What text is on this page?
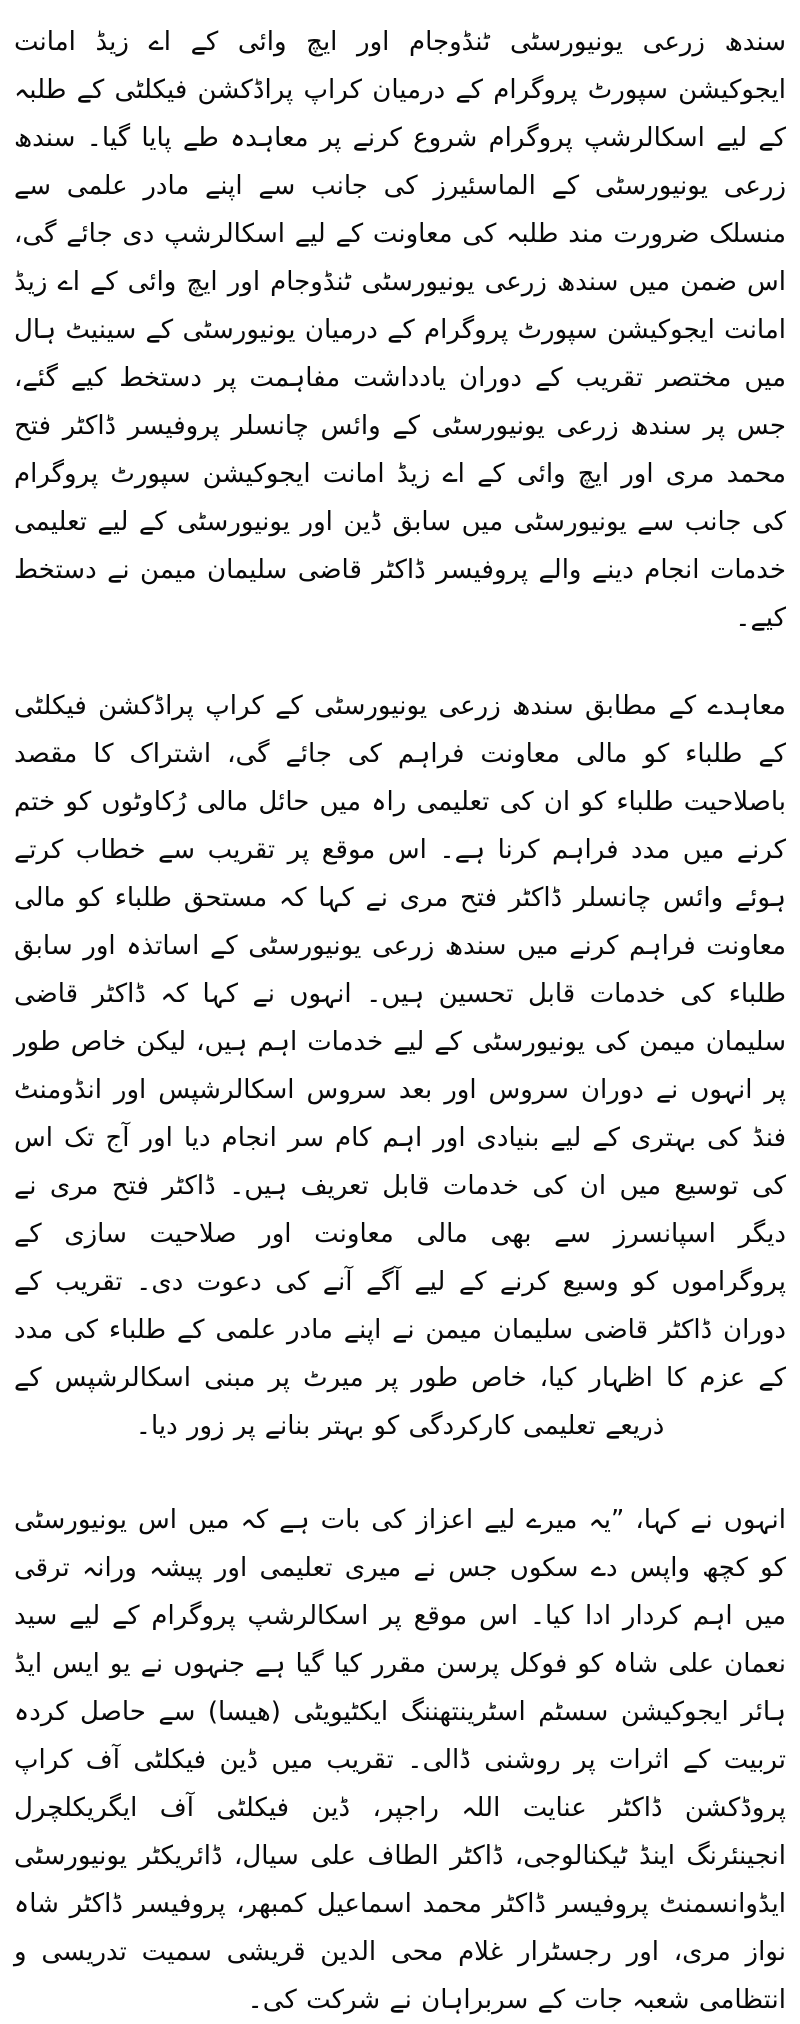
سندھ زرعی یونیورسٹی ٹنڈوجام اور ایچ وائی کے اے زیڈ امانت ایجوکیشن سپورٹ پروگرام کے درمیان کراپ پراڈکشن فیکلٹی کے طلبہ کے لیے اسکالرشپ پروگرام شروع کرنے پر معاہدہ طے پایا گیا۔ سندھ زرعی یونیورسٹی کے الماسئیرز کی جانب سے اپنے مادر علمی سے منسلک ضرورت مند طلبہ کی معاونت کے لیے اسکالرشپ دی جائے گی، اس ضمن میں سندھ زرعی یونیورسٹی ٹنڈوجام اور ایچ وائی کے اے زیڈ امانت ایجوکیشن سپورٹ پروگرام کے درمیان یونیورسٹی کے سینیٹ ہال میں مختصر تقریب کے دوران یادداشت مفاہمت پر دستخط کیے گئے، جس پر سندھ زرعی یونیورسٹی کے وائس چانسلر پروفیسر ڈاکٹر فتح محمد مری اور ایچ وائی کے اے زیڈ امانت ایجوکیشن سپورٹ پروگرام کی جانب سے یونیورسٹی میں سابق ڈین اور یونیورسٹی کے لیے تعلیمی خدمات انجام دینے والے پروفیسر ڈاکٹر قاضی سلیمان میمن نے دستخط کیے۔

معاہدے کے مطابق سندھ زرعی یونیورسٹی کے کراپ پراڈکشن فیکلٹی کے طلباء کو مالی معاونت فراہم کی جائے گی، اشتراک کا مقصد باصلاحیت طلباء کو ان کی تعلیمی راہ میں حائل مالی رُکاوٹوں کو ختم کرنے میں مدد فراہم کرنا ہے۔ اس موقع پر تقریب سے خطاب کرتے ہوئے وائس چانسلر ڈاکٹر فتح مری نے کہا کہ مستحق طلباء کو مالی معاونت فراہم کرنے میں سندھ زرعی یونیورسٹی کے اساتذہ اور سابق طلباء کی خدمات قابل تحسین ہیں۔ انہوں نے کہا کہ ڈاکٹر قاضی سلیمان میمن کی یونیورسٹی کے لیے خدمات اہم ہیں، لیکن خاص طور پر انہوں نے دوران سروس اور بعد سروس اسکالرشپس اور انڈومنٹ فنڈ کی بہتری کے لیے بنیادی اور اہم کام سر انجام دیا اور آج تک اس کی توسیع میں ان کی خدمات قابل تعریف ہیں۔ ڈاکٹر فتح مری نے دیگر اسپانسرز سے بھی مالی معاونت اور صلاحیت سازی کے پروگراموں کو وسیع کرنے کے لیے آگے آنے کی دعوت دی۔ تقریب کے دوران ڈاکٹر قاضی سلیمان میمن نے اپنے مادر علمی کے طلباء کی مدد کے عزم کا اظہار کیا، خاص طور پر میرٹ پر مبنی اسکالرشپس کے ذریعے تعلیمی کارکردگی کو بہتر بنانے پر زور دیا۔

انہوں نے کہا، ”یہ میرے لیے اعزاز کی بات ہے کہ میں اس یونیورسٹی کو کچھ واپس دے سکوں جس نے میری تعلیمی اور پیشہ ورانہ ترقی میں اہم کردار ادا کیا۔ اس موقع پر اسکالرشپ پروگرام کے لیے سید نعمان علی شاہ کو فوکل پرسن مقرر کیا گیا ہے جنہوں نے یو ایس ایڈ ہائر ایجوکیشن سسٹم اسٹرینتھننگ ایکٹیویٹی (ھیسا) سے حاصل کردہ تربیت کے اثرات پر روشنی ڈالی۔ تقریب میں ڈین فیکلٹی آف کراپ پروڈکشن ڈاکٹر عنایت اللہ راجپر، ڈین فیکلٹی آف ایگریکلچرل انجینئرنگ اینڈ ٹیکنالوجی، ڈاکٹر الطاف علی سیال، ڈائریکٹر یونیورسٹی ایڈوانسمنٹ پروفیسر ڈاکٹر محمد اسماعیل کمبھر، پروفیسر ڈاکٹر شاہ نواز مری، اور رجسٹرار غلام محی الدین قریشی سمیت تدریسی و انتظامی شعبہ جات کے سربراہان نے شرکت کی۔
